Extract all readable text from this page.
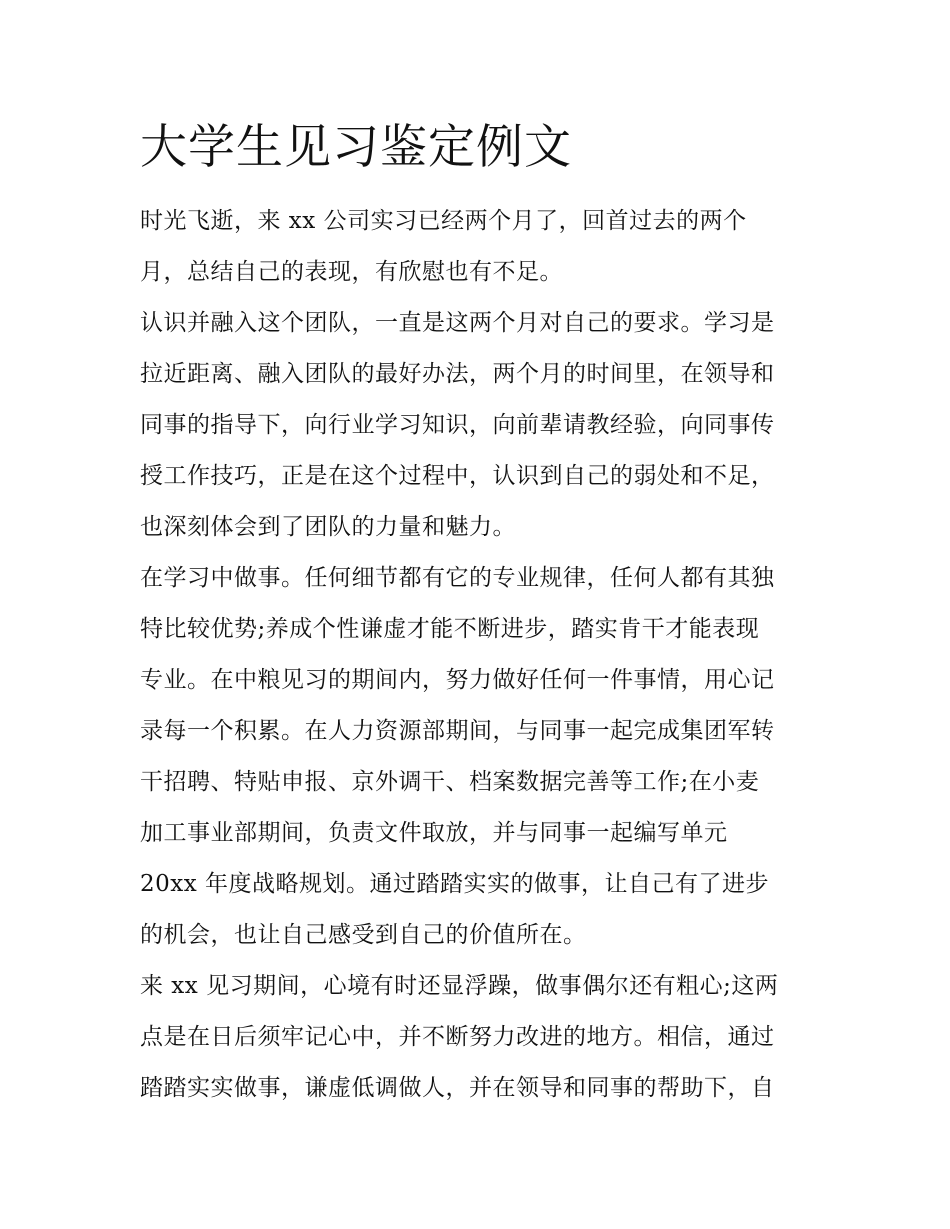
大学生见习鉴定例文

时光飞逝，来 xx 公司实习已经两个月了，回首过去的两个
月，总结自己的表现，有欣慰也有不足。

认识并融入这个团队，一直是这两个月对自己的要求。学习是
拉近距离、融入团队的最好办法，两个月的时间里，在领导和
同事的指导下，向行业学习知识，向前辈请教经验，向同事传
授工作技巧，正是在这个过程中，认识到自己的弱处和不足，
也深刻体会到了团队的力量和魅力。

在学习中做事。任何细节都有它的专业规律，任何人都有其独
特比较优势;养成个性谦虚才能不断进步，踏实肯干才能表现
专业。在中粮见习的期间内，努力做好任何一件事情，用心记
录每一个积累。在人力资源部期间，与同事一起完成集团军转
干招聘、特贴申报、京外调干、档案数据完善等工作;在小麦
加工事业部期间，负责文件取放，并与同事一起编写单元
20xx 年度战略规划。通过踏踏实实的做事，让自己有了进步
的机会，也让自己感受到自己的价值所在。

来 xx 见习期间，心境有时还显浮躁，做事偶尔还有粗心;这两
点是在日后须牢记心中，并不断努力改进的地方。相信，通过
踏踏实实做事，谦虚低调做人，并在领导和同事的帮助下，自
